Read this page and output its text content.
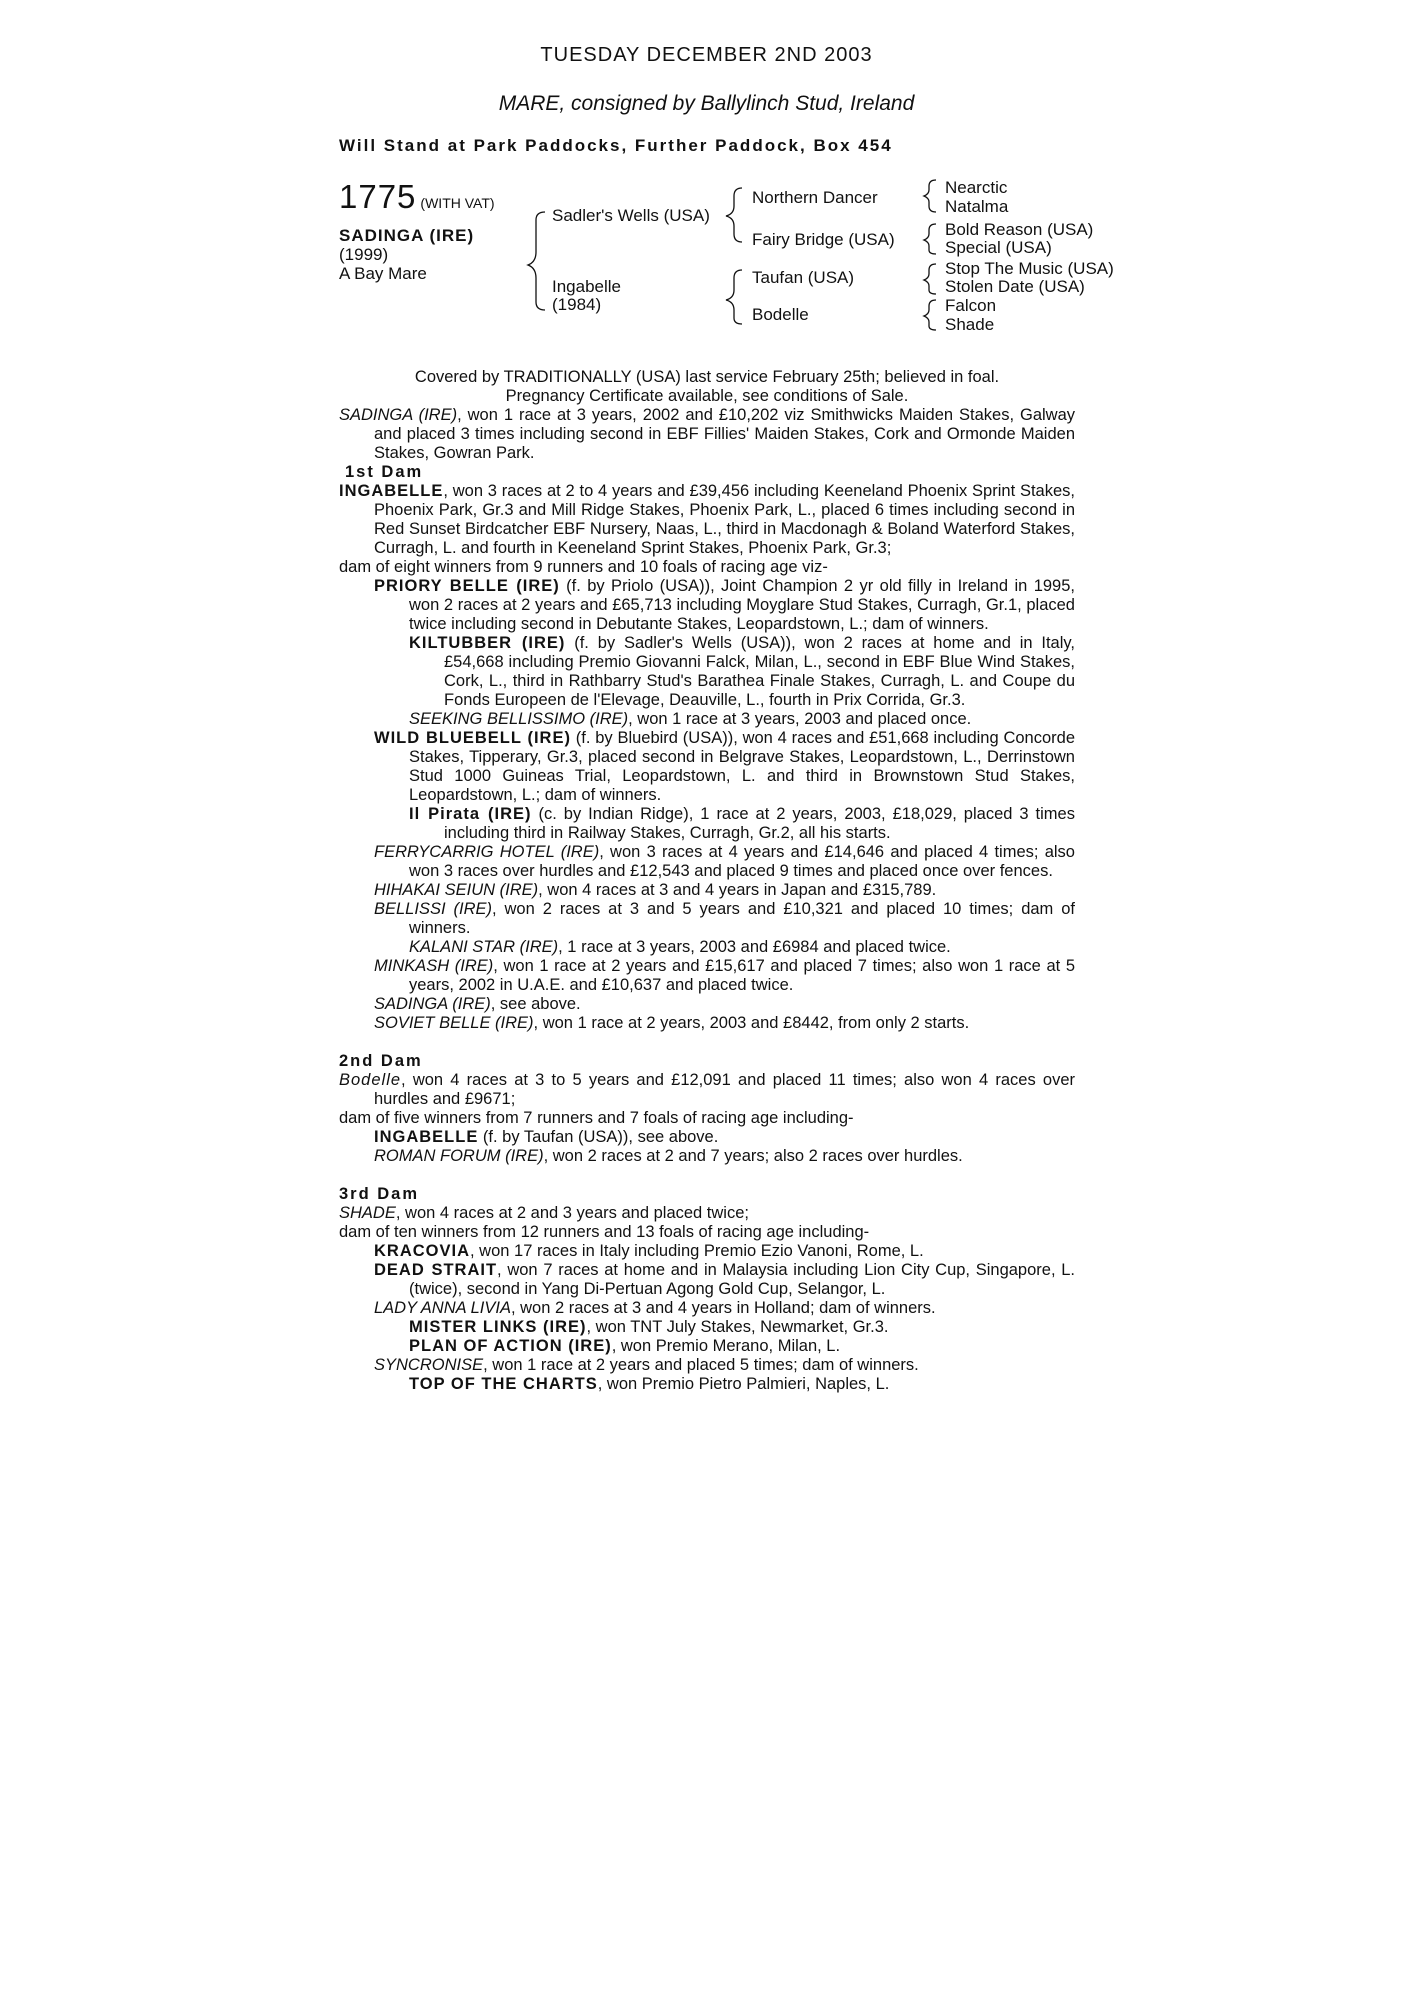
TUESDAY DECEMBER 2ND 2003
MARE, consigned by Ballylinch Stud, Ireland
Will Stand at Park Paddocks, Further Paddock, Box 454
1775 (WITH VAT)
SADINGA (IRE)
(1999)
A Bay Mare
Sadler's Wells (USA)
Ingabelle
(1984)
Northern Dancer
Fairy Bridge (USA)
Taufan (USA)
Bodelle
Nearctic
Natalma
Bold Reason (USA)
Special (USA)
Stop The Music (USA)
Stolen Date (USA)
Falcon
Shade
Covered by TRADITIONALLY (USA) last service February 25th; believed in foal.
Pregnancy Certificate available, see conditions of Sale.
SADINGA (IRE), won 1 race at 3 years, 2002 and £10,202 viz Smithwicks Maiden Stakes, Galway and placed 3 times including second in EBF Fillies' Maiden Stakes, Cork and Ormonde Maiden Stakes, Gowran Park.
1st Dam
INGABELLE, won 3 races at 2 to 4 years and £39,456 including Keeneland Phoenix Sprint Stakes, Phoenix Park, Gr.3 and Mill Ridge Stakes, Phoenix Park, L., placed 6 times including second in Red Sunset Birdcatcher EBF Nursery, Naas, L., third in Macdonagh & Boland Waterford Stakes, Curragh, L. and fourth in Keeneland Sprint Stakes, Phoenix Park, Gr.3;
dam of eight winners from 9 runners and 10 foals of racing age viz-
PRIORY BELLE (IRE) (f. by Priolo (USA)), Joint Champion 2 yr old filly in Ireland in 1995, won 2 races at 2 years and £65,713 including Moyglare Stud Stakes, Curragh, Gr.1, placed twice including second in Debutante Stakes, Leopardstown, L.; dam of winners.
KILTUBBER (IRE) (f. by Sadler's Wells (USA)), won 2 races at home and in Italy, £54,668 including Premio Giovanni Falck, Milan, L., second in EBF Blue Wind Stakes, Cork, L., third in Rathbarry Stud's Barathea Finale Stakes, Curragh, L. and Coupe du Fonds Europeen de l'Elevage, Deauville, L., fourth in Prix Corrida, Gr.3.
SEEKING BELLISSIMO (IRE), won 1 race at 3 years, 2003 and placed once.
WILD BLUEBELL (IRE) (f. by Bluebird (USA)), won 4 races and £51,668 including Concorde Stakes, Tipperary, Gr.3, placed second in Belgrave Stakes, Leopardstown, L., Derrinstown Stud 1000 Guineas Trial, Leopardstown, L. and third in Brownstown Stud Stakes, Leopardstown, L.; dam of winners.
Il Pirata (IRE) (c. by Indian Ridge), 1 race at 2 years, 2003, £18,029, placed 3 times including third in Railway Stakes, Curragh, Gr.2, all his starts.
FERRYCARRIG HOTEL (IRE), won 3 races at 4 years and £14,646 and placed 4 times; also won 3 races over hurdles and £12,543 and placed 9 times and placed once over fences.
HIHAKAI SEIUN (IRE), won 4 races at 3 and 4 years in Japan and £315,789.
BELLISSI (IRE), won 2 races at 3 and 5 years and £10,321 and placed 10 times; dam of winners.
KALANI STAR (IRE), 1 race at 3 years, 2003 and £6984 and placed twice.
MINKASH (IRE), won 1 race at 2 years and £15,617 and placed 7 times; also won 1 race at 5 years, 2002 in U.A.E. and £10,637 and placed twice.
SADINGA (IRE), see above.
SOVIET BELLE (IRE), won 1 race at 2 years, 2003 and £8442, from only 2 starts.
2nd Dam
Bodelle, won 4 races at 3 to 5 years and £12,091 and placed 11 times; also won 4 races over hurdles and £9671;
dam of five winners from 7 runners and 7 foals of racing age including-
INGABELLE (f. by Taufan (USA)), see above.
ROMAN FORUM (IRE), won 2 races at 2 and 7 years; also 2 races over hurdles.
3rd Dam
SHADE, won 4 races at 2 and 3 years and placed twice;
dam of ten winners from 12 runners and 13 foals of racing age including-
KRACOVIA, won 17 races in Italy including Premio Ezio Vanoni, Rome, L.
DEAD STRAIT, won 7 races at home and in Malaysia including Lion City Cup, Singapore, L. (twice), second in Yang Di-Pertuan Agong Gold Cup, Selangor, L.
LADY ANNA LIVIA, won 2 races at 3 and 4 years in Holland; dam of winners.
MISTER LINKS (IRE), won TNT July Stakes, Newmarket, Gr.3.
PLAN OF ACTION (IRE), won Premio Merano, Milan, L.
SYNCRONISE, won 1 race at 2 years and placed 5 times; dam of winners.
TOP OF THE CHARTS, won Premio Pietro Palmieri, Naples, L.
